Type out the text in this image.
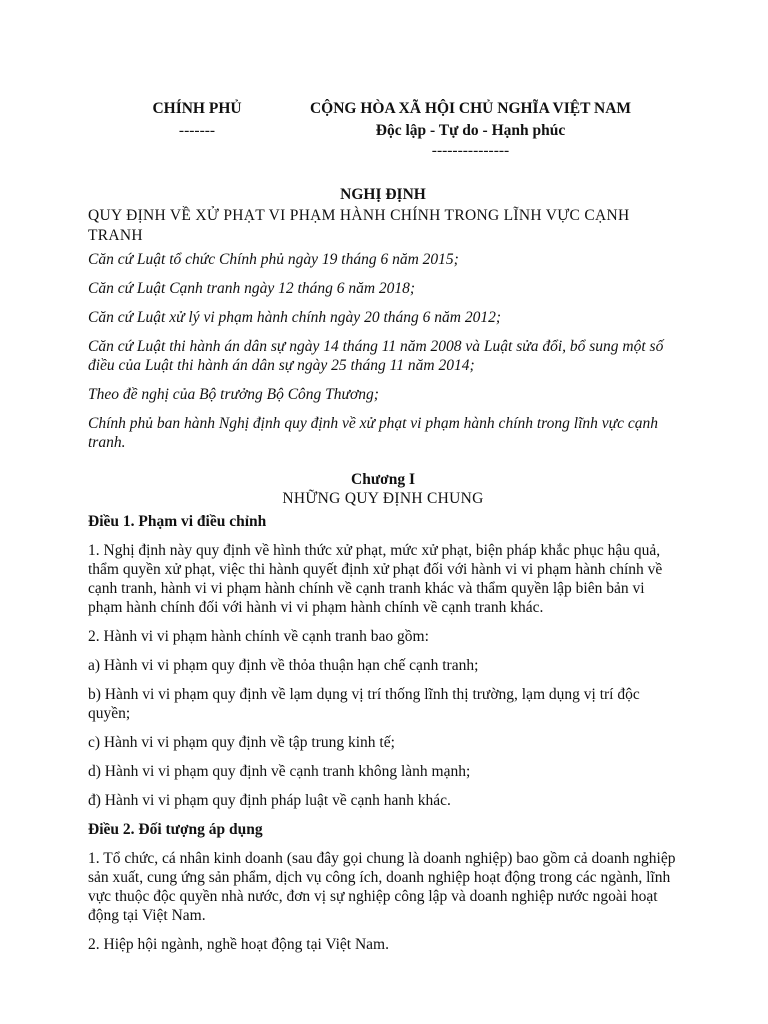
CHÍNH PHỦ
-------
CỘNG HÒA XÃ HỘI CHỦ NGHĨA VIỆT NAM
Độc lập - Tự do - Hạnh phúc
---------------
NGHỊ ĐỊNH
QUY ĐỊNH VỀ XỬ PHẠT VI PHẠM HÀNH CHÍNH TRONG LĨNH VỰC CẠNH TRANH

Căn cứ Luật tổ chức Chính phủ ngày 19 tháng 6 năm 2015;

Căn cứ Luật Cạnh tranh ngày 12 tháng 6 năm 2018;

Căn cứ Luật xử lý vi phạm hành chính ngày 20 tháng 6 năm 2012;

Căn cứ Luật thi hành án dân sự ngày 14 tháng 11 năm 2008 và Luật sửa đổi, bổ sung một số điều của Luật thi hành án dân sự ngày 25 tháng 11 năm 2014;

Theo đề nghị của Bộ trưởng Bộ Công Thương;

Chính phủ ban hành Nghị định quy định về xử phạt vi phạm hành chính trong lĩnh vực cạnh tranh.

Chương I
NHỮNG QUY ĐỊNH CHUNG
Điều 1. Phạm vi điều chỉnh

1. Nghị định này quy định về hình thức xử phạt, mức xử phạt, biện pháp khắc phục hậu quả, thẩm quyền xử phạt, việc thi hành quyết định xử phạt đối với hành vi vi phạm hành chính về cạnh tranh, hành vi vi phạm hành chính về cạnh tranh khác và thẩm quyền lập biên bản vi phạm hành chính đối với hành vi vi phạm hành chính về cạnh tranh khác.

2. Hành vi vi phạm hành chính về cạnh tranh bao gồm:

a) Hành vi vi phạm quy định về thỏa thuận hạn chế cạnh tranh;

b) Hành vi vi phạm quy định về lạm dụng vị trí thống lĩnh thị trường, lạm dụng vị trí độc quyền;

c) Hành vi vi phạm quy định về tập trung kinh tế;

d) Hành vi vi phạm quy định về cạnh tranh không lành mạnh;

đ) Hành vi vi phạm quy định pháp luật về cạnh hanh khác.

Điều 2. Đối tượng áp dụng

1. Tổ chức, cá nhân kinh doanh (sau đây gọi chung là doanh nghiệp) bao gồm cả doanh nghiệp sản xuất, cung ứng sản phẩm, dịch vụ công ích, doanh nghiệp hoạt động trong các ngành, lĩnh vực thuộc độc quyền nhà nước, đơn vị sự nghiệp công lập và doanh nghiệp nước ngoài hoạt động tại Việt Nam.

2. Hiệp hội ngành, nghề hoạt động tại Việt Nam.
